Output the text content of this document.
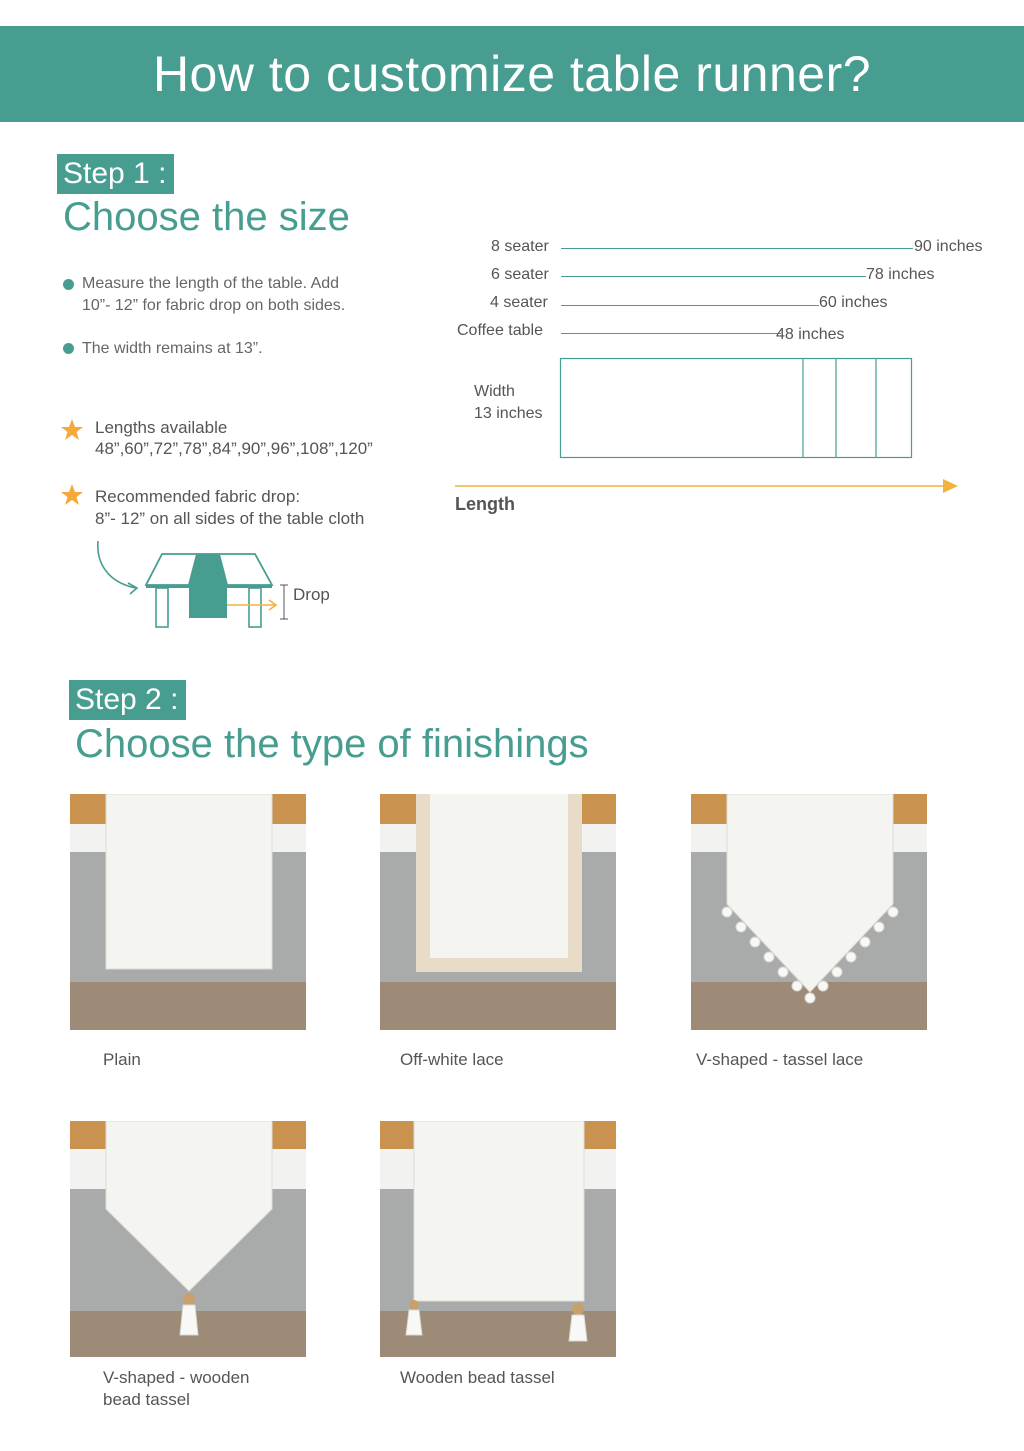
How to customize table runner?
Step 1 :
Choose the size
Measure the length of the table. Add
10”- 12” for fabric drop on both sides.
The width remains at 13”.
Lengths available
48”,60”,72”,78”,84”,90”,96”,108”,120”
Recommended fabric drop:
8”- 12” on all sides of the table cloth
Drop
8 seater	90 inches
6 seater	78 inches
4 seater	60 inches
Coffee table	48 inches
Width
13 inches
Length
Step 2 :
Choose the type of finishings
Plain	Off-white lace	V-shaped - tassel lace
V-shaped - wooden
bead tassel
Wooden bead tassel
